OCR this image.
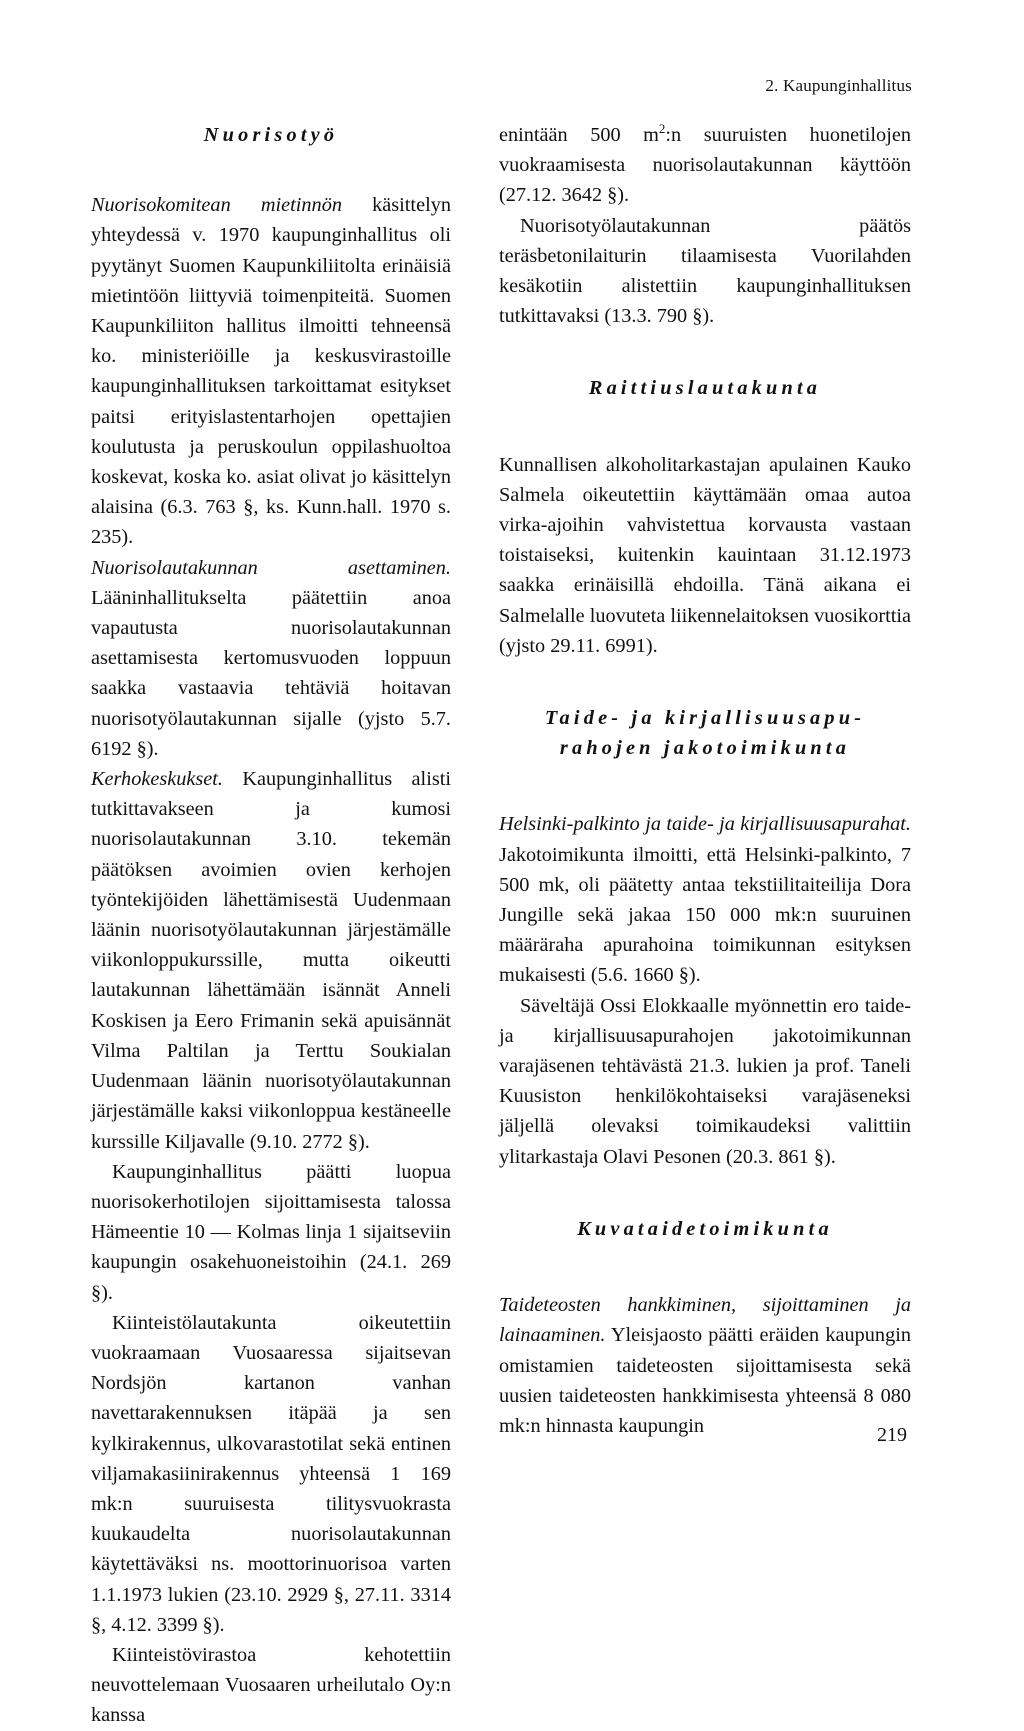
2. Kaupunginhallitus
Nuorisotyö

Nuorisokomitean mietinnön käsittelyn yhteydessä v. 1970 kaupunginhallitus oli pyytänyt Suomen Kaupunkiliitolta erinäisiä mietintöön liittyviä toimenpiteitä. Suomen Kaupunkiliiton hallitus ilmoitti tehneensä ko. ministeriöille ja keskusvirastoille kaupunginhallituksen tarkoittamat esitykset paitsi erityislastentarhojen opettajien koulutusta ja peruskoulun oppilashuoltoa koskevat, koska ko. asiat olivat jo käsittelyn alaisina (6.3. 763 §, ks. Kunn.hall. 1970 s. 235).

Nuorisolautakunnan asettaminen. Lääninhallitukselta päätettiin anoa vapautusta nuorisolautakunnan asettamisesta kertomusvuoden loppuun saakka vastaavia tehtäviä hoitavan nuorisotyölautakunnan sijalle (yjsto 5.7. 6192 §).

Kerhokeskukset. Kaupunginhallitus alisti tutkittavakseen ja kumosi nuorisolautakunnan 3.10. tekemän päätöksen avoimien ovien kerhojen työntekijöiden lähettämisestä Uudenmaan läänin nuorisotyölautakunnan järjestämälle viikonloppukurssille, mutta oikeutti lautakunnan lähettämään isännät Anneli Koskisen ja Eero Frimanin sekä apuisännät Vilma Paltilan ja Terttu Soukialan Uudenmaan läänin nuorisotyölautakunnan järjestämälle kaksi viikonloppua kestäneelle kurssille Kiljavalle (9.10. 2772 §).

Kaupunginhallitus päätti luopua nuorisokerhotilojen sijoittamisesta talossa Hämeentie 10 — Kolmas linja 1 sijaitseviin kaupungin osakehuoneistoihin (24.1. 269 §).

Kiinteistölautakunta oikeutettiin vuokraamaan Vuosaaressa sijaitsevan Nordsjön kartanon vanhan navettarakennuksen itäpää ja sen kylkirakennus, ulkovarastotilat sekä entinen viljamakasiinirakennus yhteensä 1 169 mk:n suuruisesta tilitysvuokrasta kuukaudelta nuorisolautakunnan käytettäväksi ns. moottorinuorisoa varten 1.1.1973 lukien (23.10. 2929 §, 27.11. 3314 §, 4.12. 3399 §).

Kiinteistövirastoa kehotettiin neuvottelemaan Vuosaaren urheilutalo Oy:n kanssa

enintään 500 $m^2:n$ suuruisten huonetilojen vuokraamisesta nuorisolautakunnan käyttöön (27.12. 3642 §).

Nuorisotyölautakunnan päätös teräsbetonilaiturin tilaamisesta Vuorilahden kesäkotiin alistettiin kaupunginhallituksen tutkittavaksi (13.3. 790 §).

Raittiuslautakunta

Kunnallisen alkoholitarkastajan apulainen Kauko Salmela oikeutettiin käyttämään omaa autoa virka-ajoihin vahvistettua korvausta vastaan toistaiseksi, kuitenkin kauintaan 31.12.1973 saakka erinäisillä ehdoilla. Tänä aikana ei Salmelalle luovuteta liikennelaitoksen vuosikorttia (yjsto 29.11. 6991).

Taide- ja kirjallisuusapu-
rahojen jakotoimikunta

Helsinki-palkinto ja taide- ja kirjallisuusapurahat. Jakotoimikunta ilmoitti, että Helsinki-palkinto, 7 500 mk, oli päätetty antaa tekstiilitaiteilija Dora Jungille sekä jakaa 150 000 mk:n suuruinen määräraha apurahoina toimikunnan esityksen mukaisesti (5.6. 1660 §).

Säveltäjä Ossi Elokkaalle myönnettin ero taide- ja kirjallisuusapurahojen jakotoimikunnan varajäsenen tehtävästä 21.3. lukien ja prof. Taneli Kuusiston henkilökohtaiseksi varajäseneksi jäljellä olevaksi toimikaudeksi valittiin ylitarkastaja Olavi Pesonen (20.3. 861 §).

Kuvataidetoimikunta

Taideteosten hankkiminen, sijoittaminen ja lainaaminen. Yleisjaosto päätti eräiden kaupungin omistamien taideteosten sijoittamisesta sekä uusien taideteosten hankkimisesta yhteensä 8 080 mk:n hinnasta kaupungin	219
